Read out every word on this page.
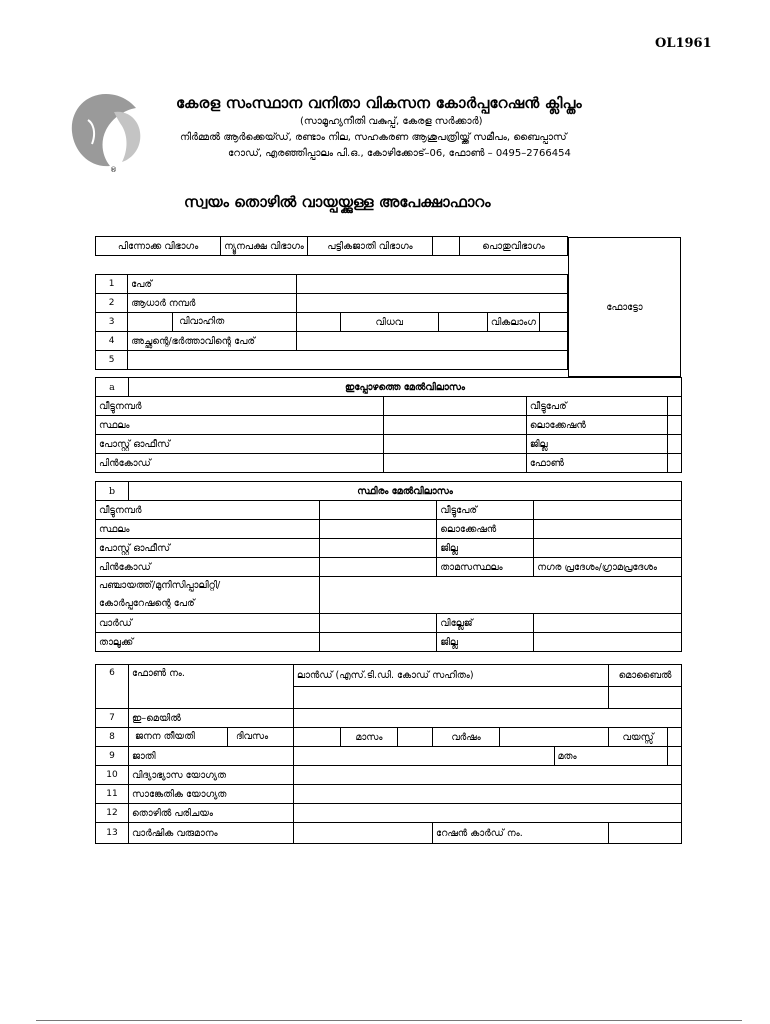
OL1961
®
കേരള സംസ്ഥാന വനിതാ വികസന കോർപ്പറേഷൻ ക്ലിപ്തം
(സാമൂഹ്യനീതി വകുപ്പ്, കേരള സർക്കാർ)
നിർമ്മൽ ആർക്കെയ്ഡ്, രണ്ടാം നില, സഹകരണ ആശുപത്രിയ്ക്ക് സമീപം, ബൈപ്പാസ്
റോഡ്, എരഞ്ഞിപ്പാലം പി.ഒ., കോഴിക്കോട്–06, ഫോൺ – 0495–2766454
സ്വയം തൊഴിൽ വായ്പയ്ക്കുള്ള അപേക്ഷാഫാറം
ഫോട്ടോ
പിന്നോക്ക വിഭാഗം	ന്യൂനപക്ഷ വിഭാഗം	പട്ടികജാതി വിഭാഗം		പൊതുവിഭാഗം
1	പേര്					
2	ആധാർ നമ്പർ					
3	വിവാഹിത		വിധവ		വികലാംഗ	
4	അച്ഛന്റെ/ഭർത്താവിന്റെ പേര്					
5						
a	ഇപ്പോഴത്തെ മേൽവിലാസം			
വീട്ടുനമ്പർ			വീട്ടുപേര്	
സ്ഥലം			ലൊക്കേഷൻ	
പോസ്റ്റ് ഓഫീസ്			ജില്ല	
പിൻകോഡ്			ഫോൺ	
b	സ്ഥിരം മേൽവിലാസം			
വീട്ടുനമ്പർ			വീട്ടുപേര്	
സ്ഥലം			ലൊക്കേഷൻ	
പോസ്റ്റ് ഓഫീസ്			ജില്ല	
പിൻകോഡ്			താമസസ്ഥലം	നഗര പ്രദേശം/ഗ്രാമപ്രദേശം

പഞ്ചായത്ത്/മുനിസിപ്പാലിറ്റി/
കോർപ്പറേഷന്റെ പേര്				

വാർഡ്			വില്ലേജ്	
താലൂക്ക്			ജില്ല	
6	ഫോൺ നം.	ലാൻഡ് (എസ്.ടി.ഡി. കോഡ് സഹിതം)						മൊബൈൽ	

7	ഇ–മെയിൽ								
8	ജനന തീയതി ദിവസം		മാസം		വർഷം			വയസ്സ്	
9	ജാതി						മതം		
10	വിദ്യാഭ്യാസ യോഗ്യത								
11	സാങ്കേതിക യോഗ്യത								
12	തൊഴിൽ പരിചയം								
13	വാർഷിക വരുമാനം				റേഷൻ കാർഡ് നം.				
